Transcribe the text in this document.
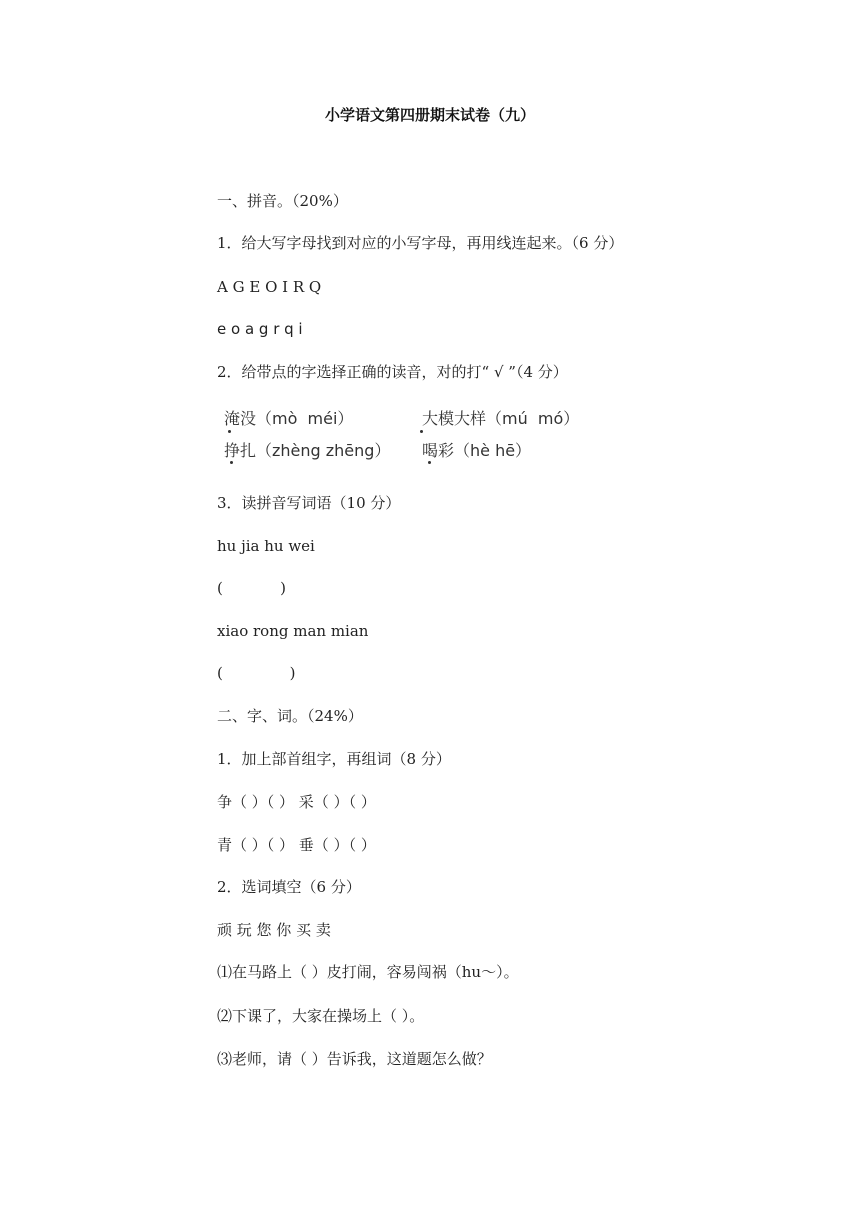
小学语文第四册期末试卷（九）
一、拼音。（20%）
1．给大写字母找到对应的小写字母，再用线连起来。（6 分）
A G E O I R Q
e o a g r q i
2．给带点的字选择正确的读音，对的打“ √ ”（4 分）
淹没（mò  méi）	大模大样（mú  mó）
挣扎（zhèng zhēng） 喝彩（hè hē）
3．读拼音写词语（10 分）
hu jia hu wei
(            )
xiao rong man mian
(              )
二、字、词。（24%）
1．加上部首组字，再组词（8 分）
争（ ）（ ） 采（ ）（ ）
青（ ）（ ） 垂（ ）（ ）
2．选词填空（6 分）
顽 玩 您 你 买 卖
⑴在马路上（ ）皮打闹，容易闯祸（hu～）。
⑵下课了，大家在操场上（ ）。
⑶老师，请（ ）告诉我，这道题怎么做？
